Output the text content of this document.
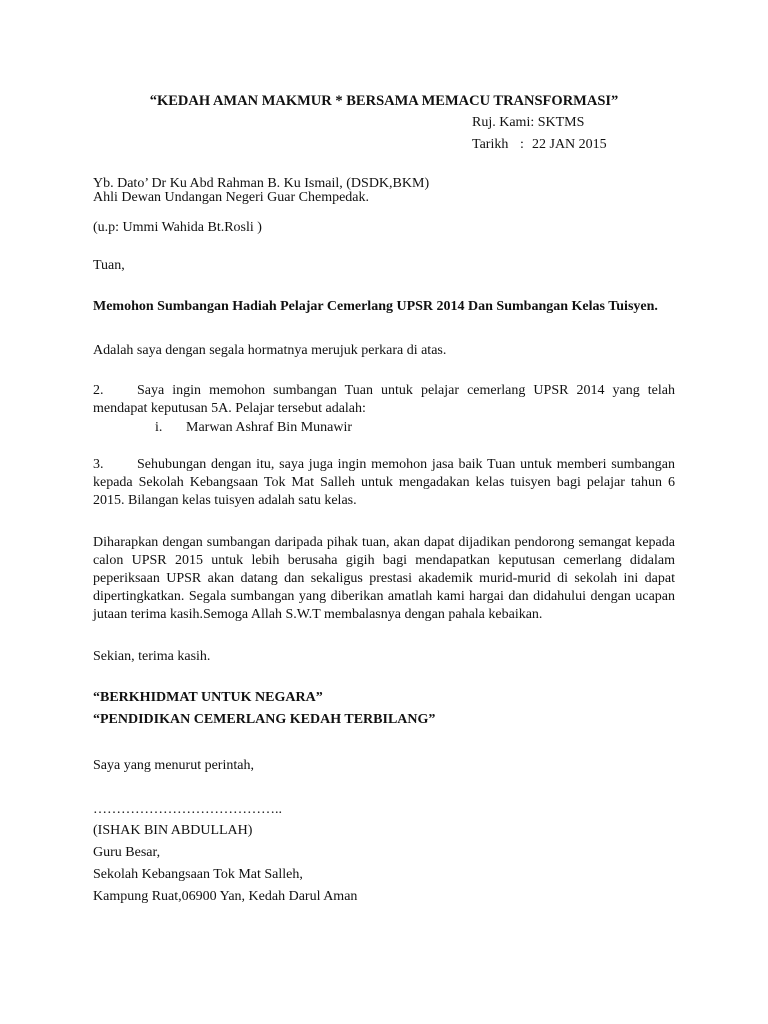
“KEDAH AMAN MAKMUR * BERSAMA MEMACU TRANSFORMASI”

Ruj. Kami: SKTMS

Tarikh : 22 JAN 2015

Yb. Dato’ Dr Ku Abd Rahman B. Ku Ismail, (DSDK,BKM)

Ahli Dewan Undangan Negeri Guar Chempedak.

(u.p: Ummi Wahida Bt.Rosli )

Tuan,

Memohon Sumbangan Hadiah Pelajar Cemerlang UPSR 2014 Dan Sumbangan Kelas Tuisyen.

Adalah saya dengan segala hormatnya merujuk perkara di atas.

2. Saya ingin memohon sumbangan Tuan untuk pelajar cemerlang UPSR 2014 yang telah mendapat keputusan 5A. Pelajar tersebut adalah:

i. Marwan Ashraf Bin Munawir

3. Sehubungan dengan itu, saya juga ingin memohon jasa baik Tuan untuk memberi sumbangan kepada Sekolah Kebangsaan Tok Mat Salleh untuk mengadakan kelas tuisyen bagi pelajar tahun 6 2015. Bilangan kelas tuisyen adalah satu kelas.
Diharapkan dengan sumbangan daripada pihak tuan, akan dapat dijadikan pendorong semangat kepada calon UPSR 2015 untuk lebih berusaha gigih bagi mendapatkan keputusan cemerlang didalam peperiksaan UPSR akan datang dan sekaligus prestasi akademik murid-murid di sekolah ini dapat dipertingkatkan. Segala sumbangan yang diberikan amatlah kami hargai dan didahului dengan ucapan jutaan terima kasih.Semoga Allah S.W.T membalasnya dengan pahala kebaikan.

Sekian, terima kasih.

“BERKHIDMAT UNTUK NEGARA”

“PENDIDIKAN CEMERLANG KEDAH TERBILANG”

Saya yang menurut perintah,

…………………………………..

(ISHAK BIN ABDULLAH)

Guru Besar,

Sekolah Kebangsaan Tok Mat Salleh,

Kampung Ruat,06900 Yan, Kedah Darul Aman
